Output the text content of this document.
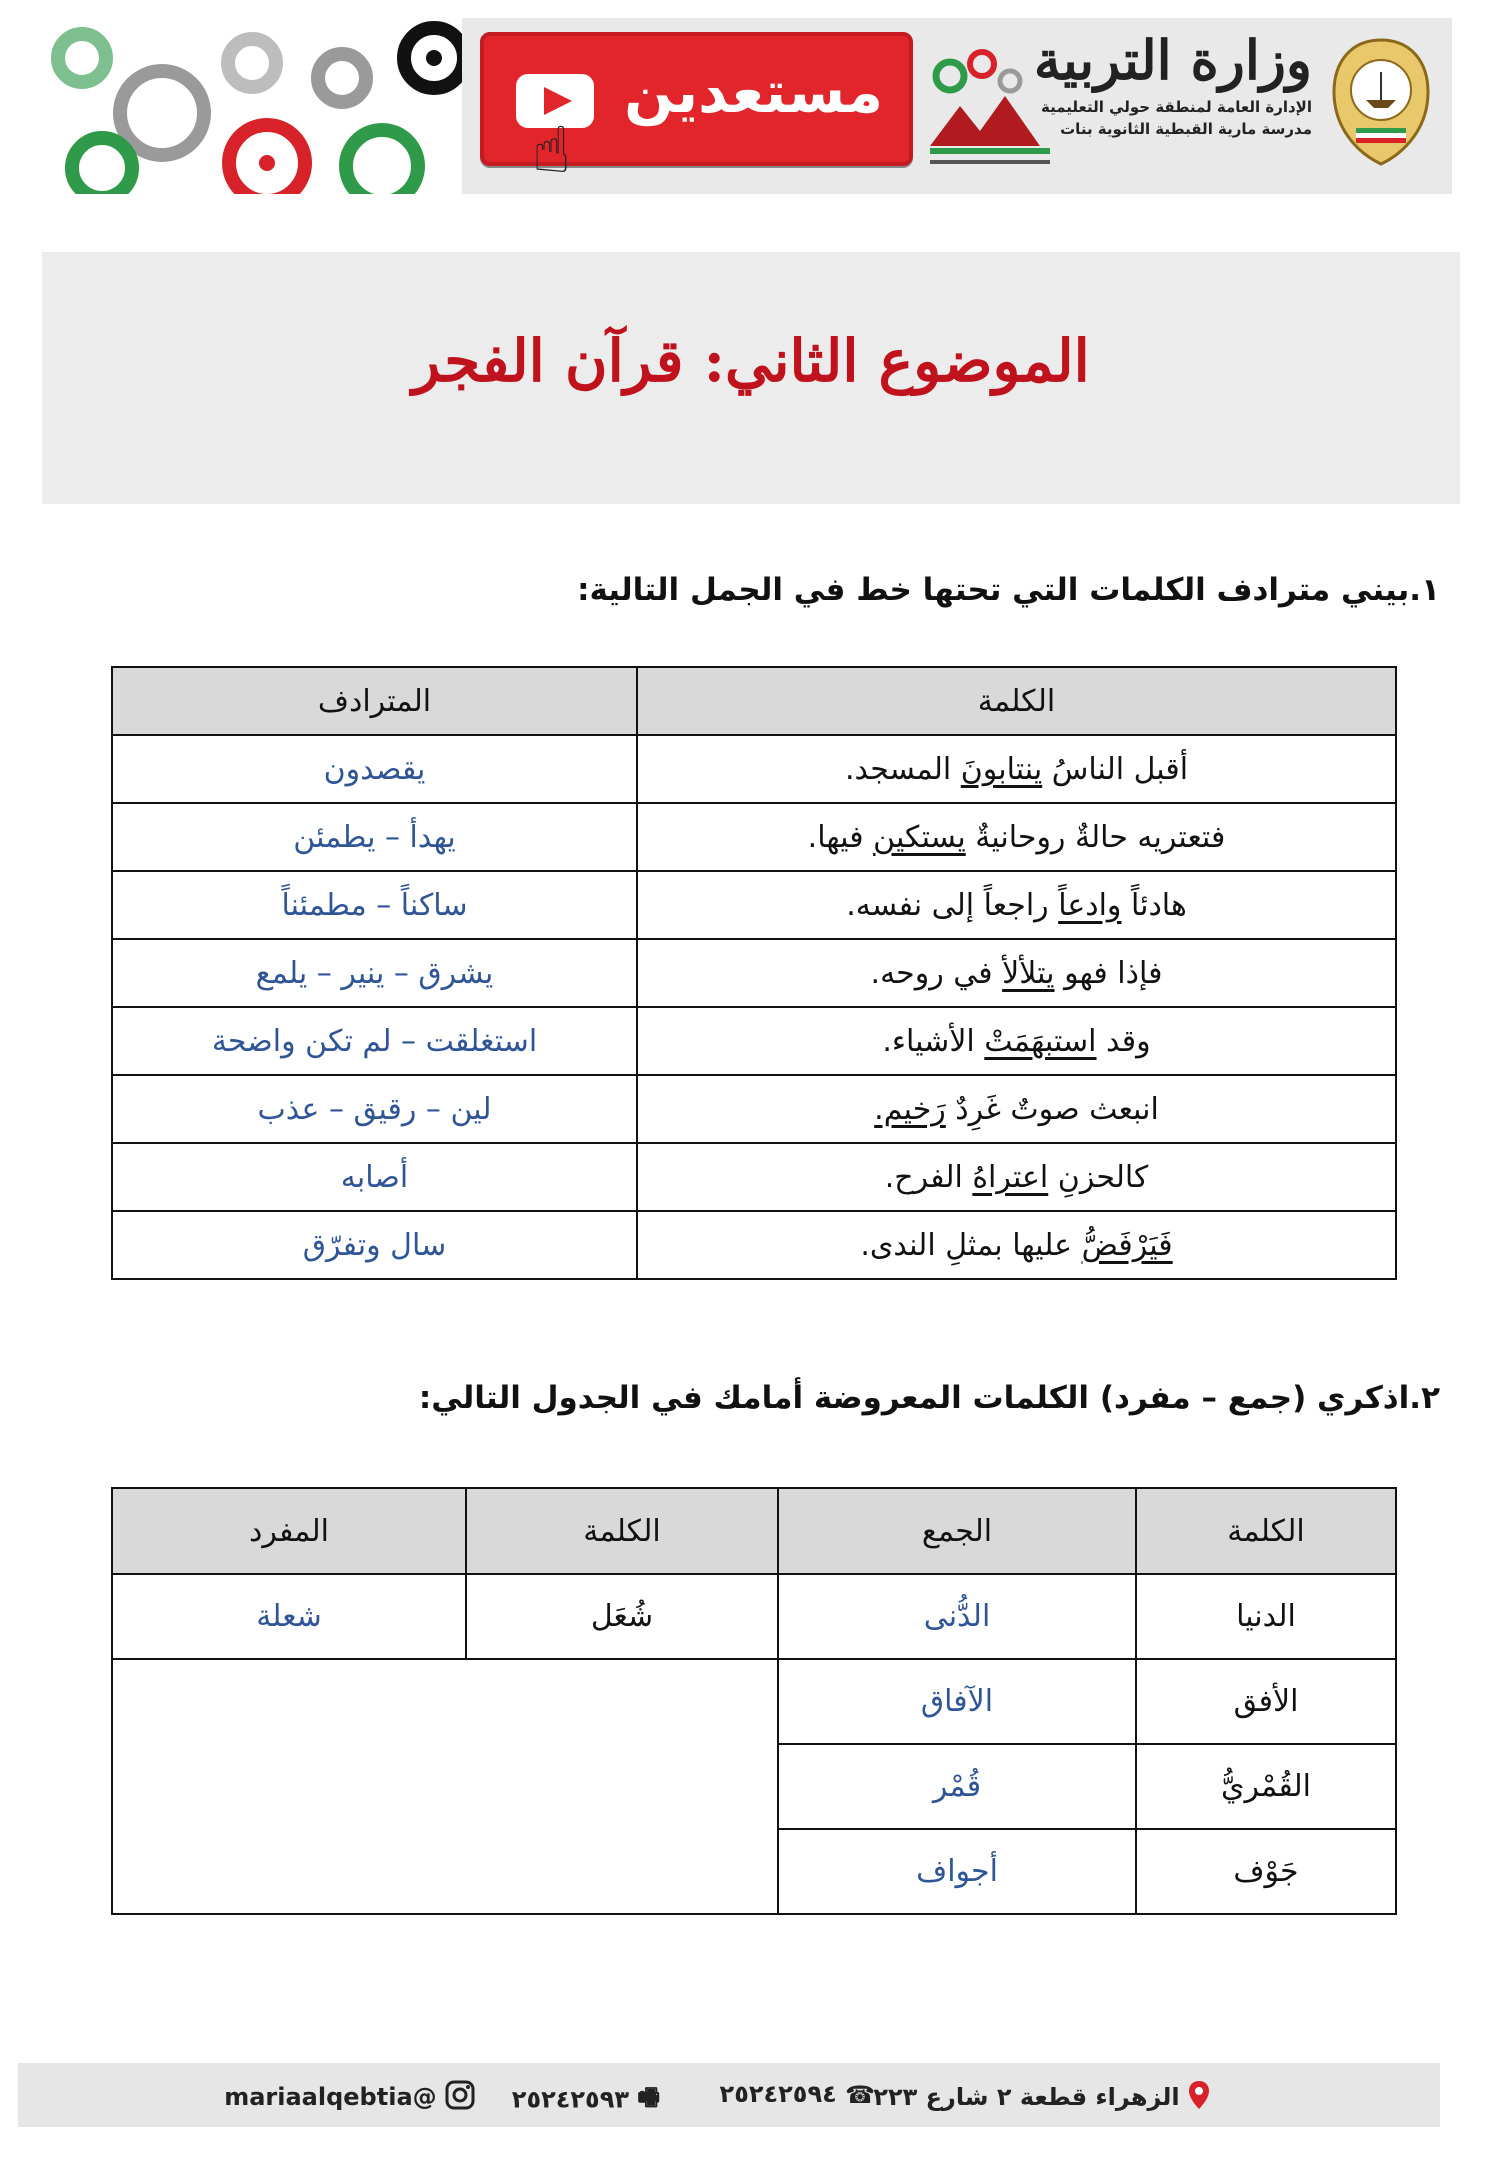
مستعدين
☝
وزارة التربية
الإدارة العامة لمنطقة حولي التعليمية
مدرسة مارية القبطية الثانوية بنات
الموضوع الثاني: قرآن الفجر
١.بيني مترادف الكلمات التي تحتها خط في الجمل التالية:
الكلمة	المترادف
أقبل الناسُ ينتابونَ المسجد.	يقصدون
فتعتريه حالةٌ روحانيةٌ يستكين فيها.	يهدأ – يطمئن
هادئاً وادعاً راجعاً إلى نفسه.	ساكناً – مطمئناً
فإذا فهو يتلألأ في روحه.	يشرق – ينير – يلمع
وقد استبهَمَتْ الأشياء.	استغلقت – لم تكن واضحة
انبعث صوتٌ غَرِدٌ رَخيم.	لين – رقيق – عذب
كالحزنِ اعتراهُ الفرح.	أصابه
فَيَرْفَضُّ عليها بمثلِ الندى.	سال وتفرّق
٢.اذكري (جمع – مفرد) الكلمات المعروضة أمامك في الجدول التالي:
الكلمة	الجمع	الكلمة	المفرد
الدنيا	الدُّنى	شُعَل	شعلة
الأفق	الآفاق		
القُمْريُّ	قُمْر		
جَوْف	أجواف		
الزهراء قطعة ٢ شارع ٢٢٣
☎ ٢٥٢٤٢٥٩٤
🖷 ٢٥٢٤٢٥٩٣
@mariaalqebtia
